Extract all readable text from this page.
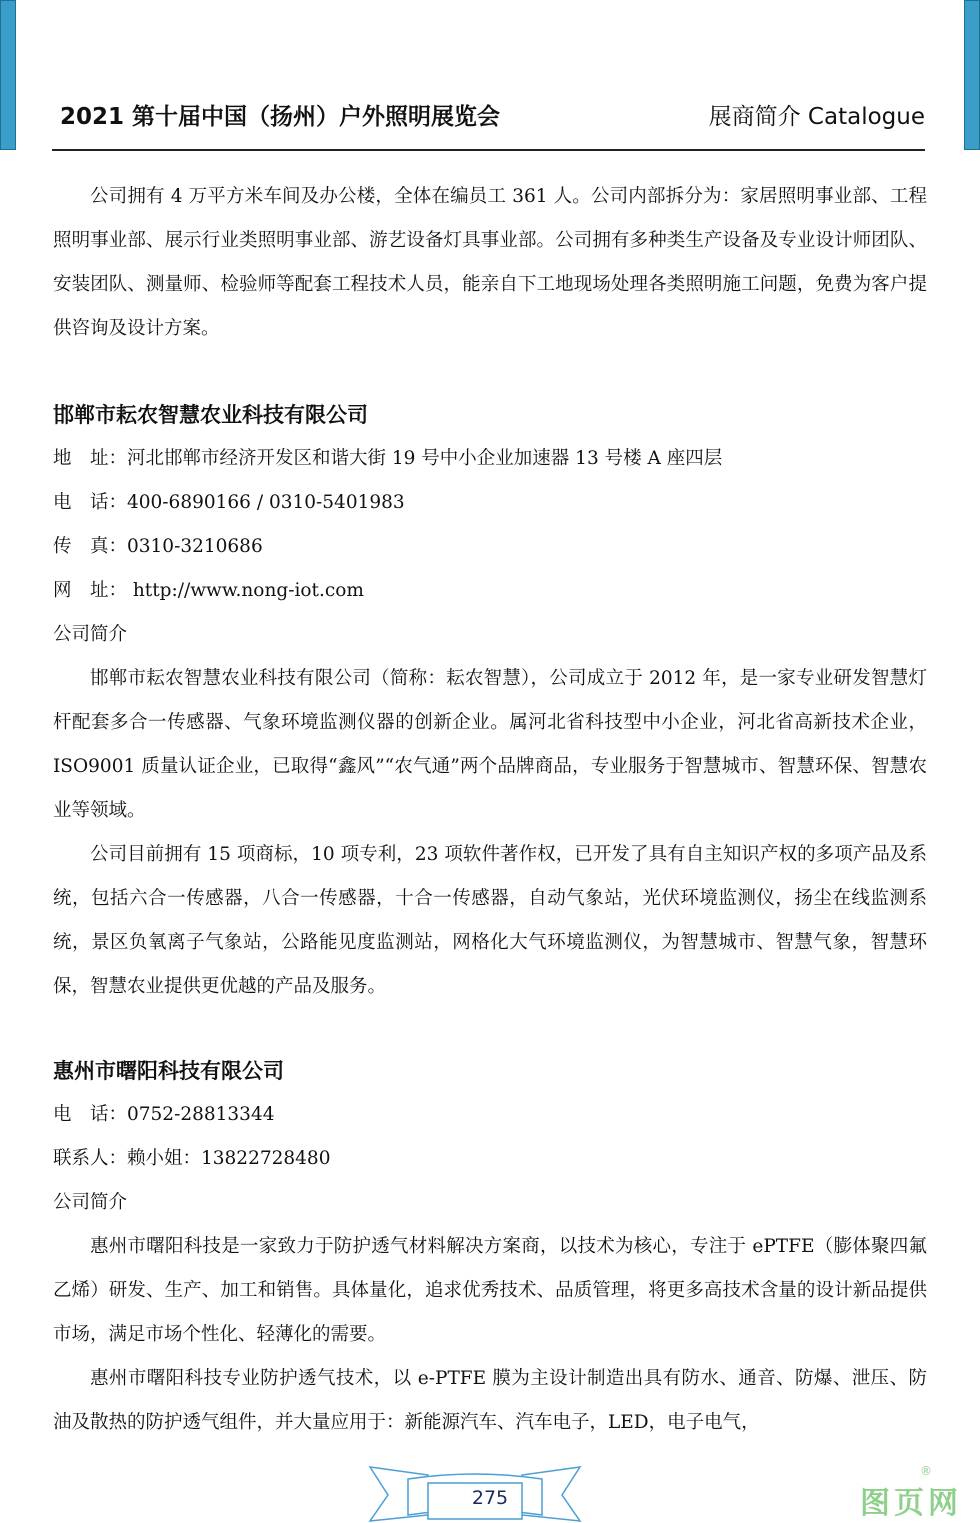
2021 第十届中国（扬州）户外照明展览会	展商简介 Catalogue

公司拥有 4 万平方米车间及办公楼，全体在编员工 361 人。公司内部拆分为：家居照明事业部、工程照明事业部、展示行业类照明事业部、游艺设备灯具事业部。公司拥有多种类生产设备及专业设计师团队、安装团队、测量师、检验师等配套工程技术人员，能亲自下工地现场处理各类照明施工问题，免费为客户提供咨询及设计方案。

邯郸市耘农智慧农业科技有限公司
地　址：河北邯郸市经济开发区和谐大街 19 号中小企业加速器 13 号楼 A 座四层
电　话：400-6890166 / 0310-5401983
传　真：0310-3210686
网　址： http://www.nong-iot.com
公司简介

邯郸市耘农智慧农业科技有限公司（简称：耘农智慧），公司成立于 2012 年，是一家专业研发智慧灯杆配套多合一传感器、气象环境监测仪器的创新企业。属河北省科技型中小企业，河北省高新技术企业，ISO9001 质量认证企业，已取得“鑫风”“农气通”两个品牌商品，专业服务于智慧城市、智慧环保、智慧农业等领域。

公司目前拥有 15 项商标，10 项专利，23 项软件著作权，已开发了具有自主知识产权的多项产品及系统，包括六合一传感器，八合一传感器，十合一传感器，自动气象站，光伏环境监测仪，扬尘在线监测系统，景区负氧离子气象站，公路能见度监测站，网格化大气环境监测仪，为智慧城市、智慧气象，智慧环保，智慧农业提供更优越的产品及服务。

惠州市曙阳科技有限公司
电　话：0752-28813344
联系人：赖小姐：13822728480
公司简介

惠州市曙阳科技是一家致力于防护透气材料解决方案商，以技术为核心，专注于 ePTFE（膨体聚四氟乙烯）研发、生产、加工和销售。具体量化，追求优秀技术、品质管理，将更多高技术含量的设计新品提供市场，满足市场个性化、轻薄化的需要。

惠州市曙阳科技专业防护透气技术，以 e-PTFE 膜为主设计制造出具有防水、通音、防爆、泄压、防油及散热的防护透气组件，并大量应用于：新能源汽车、汽车电子，LED，电子电气，

275
®
图页网
